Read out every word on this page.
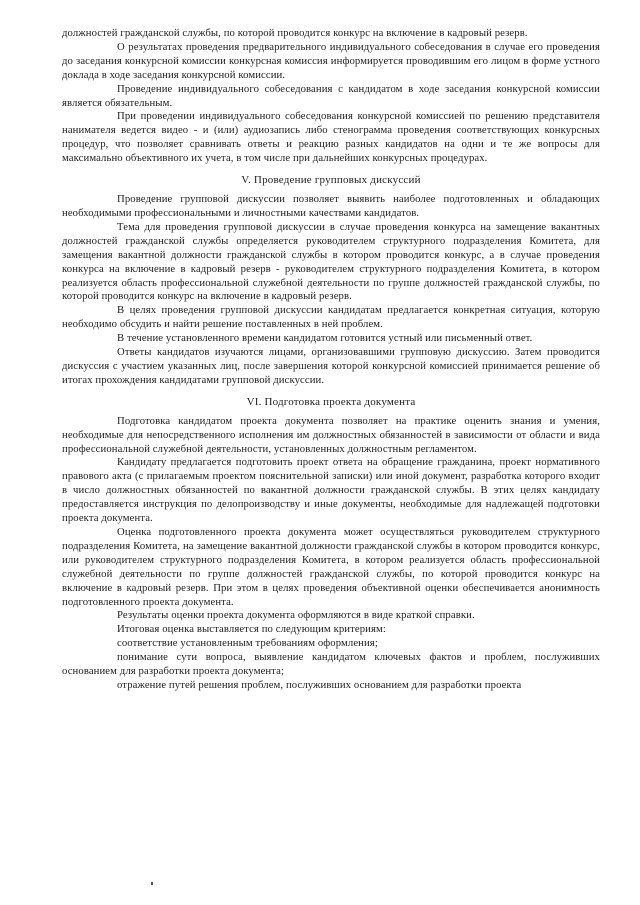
должностей гражданской службы, по которой проводится конкурс на включение в кадровый резерв.

О результатах проведения предварительного индивидуального собеседования в случае его проведения до заседания конкурсной комиссии конкурсная комиссия информируется проводившим его лицом в форме устного доклада в ходе заседания конкурсной комиссии.

Проведение индивидуального собеседования с кандидатом в ходе заседания конкурсной комиссии является обязательным.

При проведении индивидуального собеседования конкурсной комиссией по решению представителя нанимателя ведется видео - и (или) аудиозапись либо стенограмма проведения соответствующих конкурсных процедур, что позволяет сравнивать ответы и реакцию разных кандидатов на одни и те же вопросы для максимально объективного их учета, в том числе при дальнейших конкурсных процедурах.

V. Проведение групповых дискуссий

Проведение групповой дискуссии позволяет выявить наиболее подготовленных и обладающих необходимыми профессиональными и личностными качествами кандидатов.

Тема для проведения групповой дискуссии в случае проведения конкурса на замещение вакантных должностей гражданской службы определяется руководителем структурного подразделения Комитета, для замещения вакантной должности гражданской службы в котором проводится конкурс, а в случае проведения конкурса на включение в кадровый резерв - руководителем структурного подразделения Комитета, в котором реализуется область профессиональной служебной деятельности по группе должностей гражданской службы, по которой проводится конкурс на включение в кадровый резерв.

В целях проведения групповой дискуссии кандидатам предлагается конкретная ситуация, которую необходимо обсудить и найти решение поставленных в ней проблем.

В течение установленного времени кандидатом готовится устный или письменный ответ.

Ответы кандидатов изучаются лицами, организовавшими групповую дискуссию. Затем проводится дискуссия с участием указанных лиц, после завершения которой конкурсной комиссией принимается решение об итогах прохождения кандидатами групповой дискуссии.

VI. Подготовка проекта документа

Подготовка кандидатом проекта документа позволяет на практике оценить знания и умения, необходимые для непосредственного исполнения им должностных обязанностей в зависимости от области и вида профессиональной служебной деятельности, установленных должностным регламентом.

Кандидату предлагается подготовить проект ответа на обращение гражданина, проект нормативного правового акта (с прилагаемым проектом пояснительной записки) или иной документ, разработка которого входит в число должностных обязанностей по вакантной должности гражданской службы. В этих целях кандидату предоставляется инструкция по делопроизводству и иные документы, необходимые для надлежащей подготовки проекта документа.

Оценка подготовленного проекта документа может осуществляться руководителем структурного подразделения Комитета, на замещение вакантной должности гражданской службы в котором проводится конкурс, или руководителем структурного подразделения Комитета, в котором реализуется область профессиональной служебной деятельности по группе должностей гражданской службы, по которой проводится конкурс на включение в кадровый резерв. При этом в целях проведения объективной оценки обеспечивается анонимность подготовленного проекта документа.

Результаты оценки проекта документа оформляются в виде краткой справки.

Итоговая оценка выставляется по следующим критериям:

соответствие установленным требованиям оформления;

понимание сути вопроса, выявление кандидатом ключевых фактов и проблем, послуживших основанием для разработки проекта документа;

отражение путей решения проблем, послуживших основанием для разработки проекта
